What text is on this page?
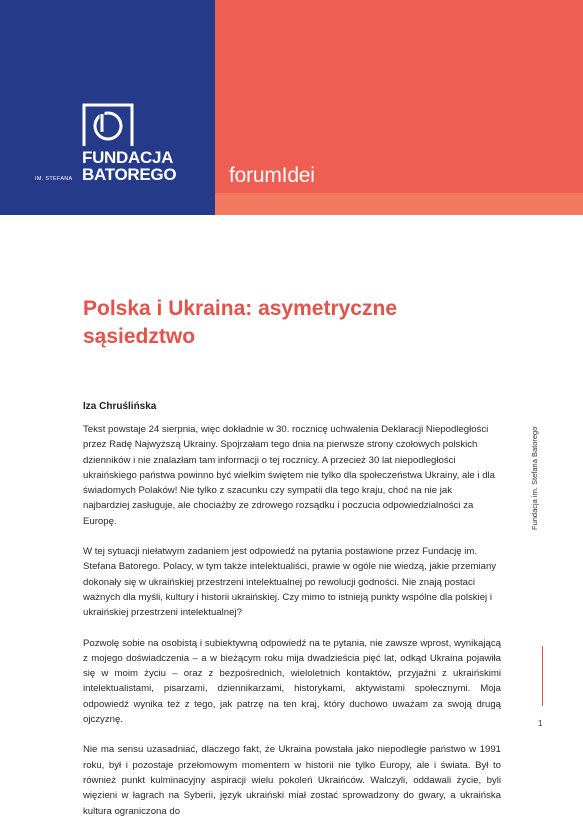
FUNDACJA
IM. STEFANA BATOREGO	forumIdei
Polska i Ukraina: asymetryczne sąsiedztwo
Iza Chruślińska

Tekst powstaje 24 sierpnia, więc dokładnie w 30. rocznicę uchwalenia Deklaracji Niepodległości przez Radę Najwyższą Ukrainy. Spojrzałam tego dnia na pierwsze strony czołowych polskich dzienników i nie znalazłam tam informacji o tej rocznicy. A przecież 30 lat niepodległości ukraińskiego państwa powinno być wielkim świętem nie tylko dla społeczeństwa Ukrainy, ale i dla świadomych Polaków! Nie tylko z szacunku czy sympatii dla tego kraju, choć na nie jak najbardziej zasługuje, ale chociażby ze zdrowego rozsądku i poczucia odpowiedzialności za Europę.

W tej sytuacji niełatwym zadaniem jest odpowiedź na pytania postawione przez Fundację im. Stefana Batorego. Polacy, w tym także intelektualiści, prawie w ogóle nie wiedzą, jakie przemiany dokonały się w ukraińskiej przestrzeni intelektualnej po rewolucji godności. Nie znają postaci ważnych dla myśli, kultury i historii ukraińskiej. Czy mimo to istnieją punkty wspólne dla polskiej i ukraińskiej przestrzeni intelektualnej?

Pozwolę sobie na osobistą i subiektywną odpowiedź na te pytania, nie zawsze wprost, wynikającą z mojego doświadczenia – a w bieżącym roku mija dwadzieścia pięć lat, odkąd Ukraina pojawiła się w moim życiu – oraz z bezpośrednich, wieloletnich kontaktów, przyjaźni z ukraińskimi intelektualistami, pisarzami, dziennikarzami, historykami, aktywistami społecznymi. Moja odpowiedź wynika też z tego, jak patrzę na ten kraj, który duchowo uważam za swoją drugą ojczyznę.

Nie ma sensu uzasadniać, dlaczego fakt, że Ukraina powstała jako niepodległe państwo w 1991 roku, był i pozostaje przełomowym momentem w historii nie tylko Europy, ale i świata. Był to również punkt kulminacyjny aspiracji wielu pokoleń Ukraińców. Walczyli, oddawali życie, byli więzieni w łagrach na Syberii, język ukraiński miał zostać sprowadzony do gwary, a ukraińska kultura ograniczona do

Fundacja im. Stefana Batorego
1
